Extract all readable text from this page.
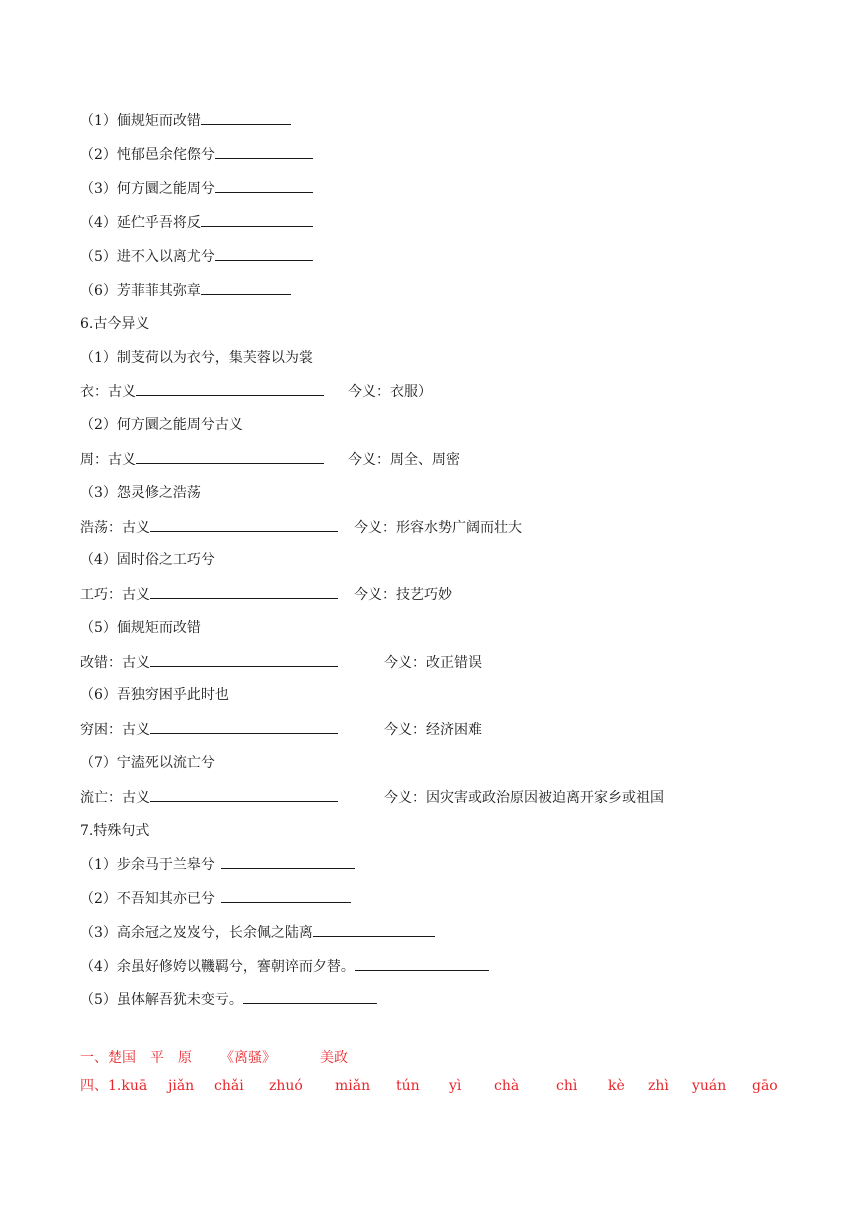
（1）偭规矩而改错
（2）忳郁邑余侘傺兮
（3）何方圜之能周兮
（4）延伫乎吾将反
（5）进不入以离尤兮
（6）芳菲菲其弥章
6.古今异义
（1）制芰荷以为衣兮，集芙蓉以为裳
衣：古义	今义：衣服）
（2）何方圜之能周兮古义
周：古义	今义：周全、周密
（3）怨灵修之浩荡
浩荡：古义	今义：形容水势广阔而壮大
（4）固时俗之工巧兮
工巧：古义	今义：技艺巧妙
（5）偭规矩而改错
改错：古义	今义：改正错误
（6）吾独穷困乎此时也
穷困：古义	今义：经济困难
（7）宁溘死以流亡兮
流亡：古义	今义：因灾害或政治原因被迫离开家乡或祖国
7.特殊句式
（1）步余马于兰皋兮
（2）不吾知其亦已兮
（3）高余冠之岌岌兮，长余佩之陆离
（4）余虽好修姱以鞿羁兮，謇朝谇而夕替。
（5）虽体解吾犹未变亏。
一、楚国 平 原 《离骚》	美政
四、1.kuā jiǎn chǎi zhuó miǎn tún yì chà	chì kè zhì yuán gāo
